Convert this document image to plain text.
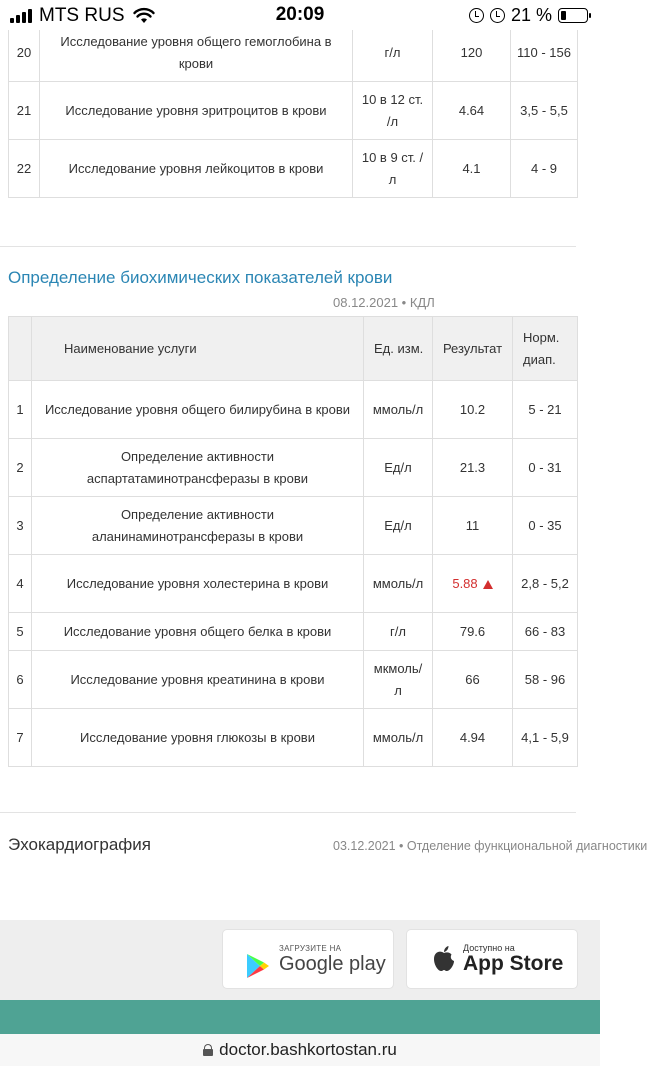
MTS RUS	20:09	21 %
20	Исследование уровня общего гемоглобина в крови	г/л	120	110 - 156
21	Исследование уровня эритроцитов в крови	10 в 12 ст. /л	4.64	3,5 - 5,5
22	Исследование уровня лейкоцитов в крови	10 в 9 ст. /л	4.1	4 - 9
Определение биохимических показателей крови
08.12.2021 • КДЛ
	Наименование услуги	Ед. изм.	Результат	Норм. диап.
1	Исследование уровня общего билирубина в крови	ммоль/л	10.2	5 - 21
2	Определение активности аспартатаминотрансферазы в крови	Ед/л	21.3	0 - 31
3	Определение активности аланинаминотрансферазы в крови	Ед/л	11	0 - 35
4	Исследование уровня холестерина в крови	ммоль/л	5.88	2,8 - 5,2
5	Исследование уровня общего белка в крови	г/л	79.6	66 - 83
6	Исследование уровня креатинина в крови	мкмоль/л	66	58 - 96
7	Исследование уровня глюкозы в крови	ммоль/л	4.94	4,1 - 5,9
Эхокардиография	03.12.2021 • Отделение функциональной диагностики
ЗАГРУЗИТЕ НА
Google play
Доступно на
App Store
doctor.bashkortostan.ru
